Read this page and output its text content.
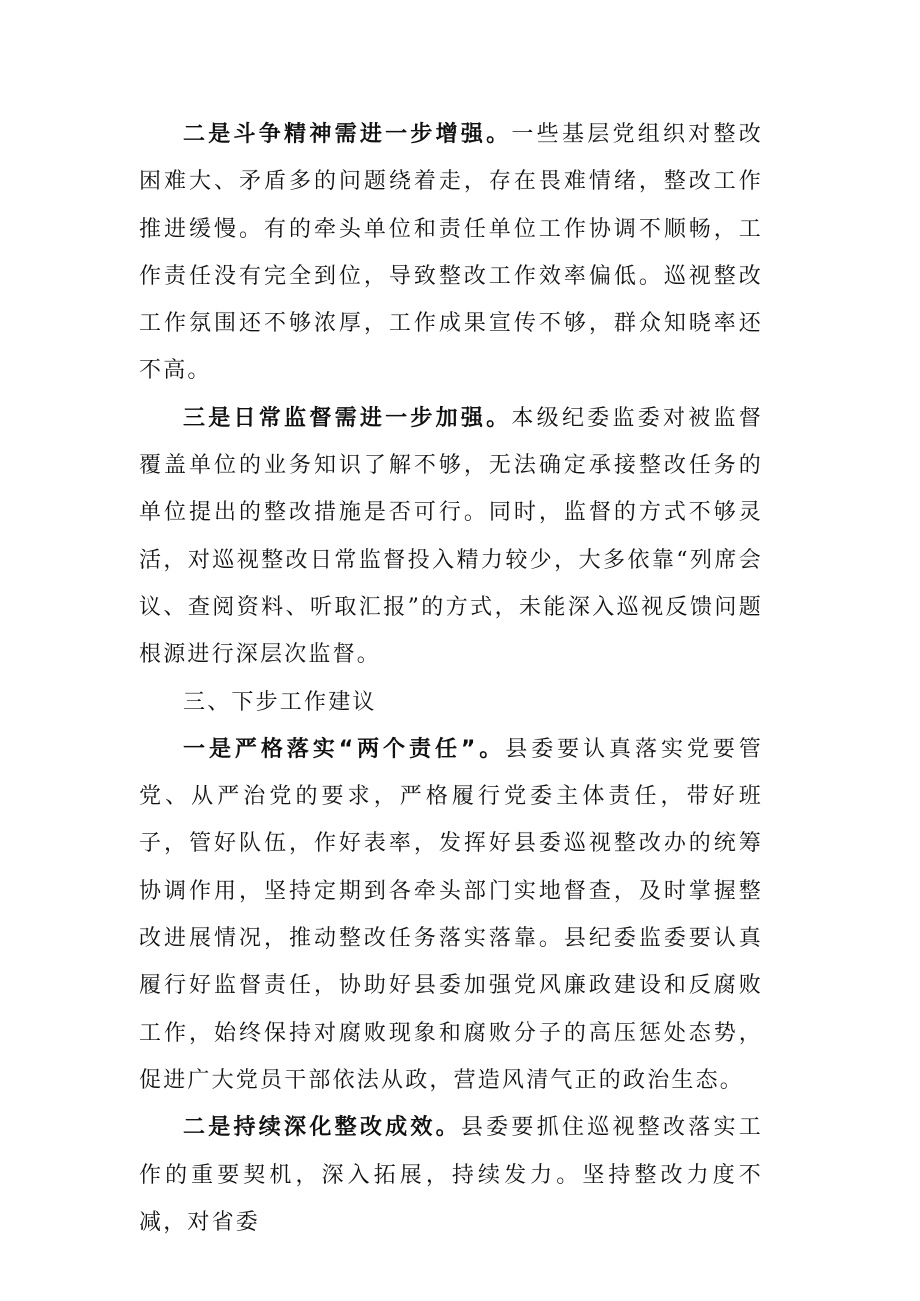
二是斗争精神需进一步增强。一些基层党组织对整改困难大、矛盾多的问题绕着走，存在畏难情绪，整改工作推进缓慢。有的牵头单位和责任单位工作协调不顺畅，工作责任没有完全到位，导致整改工作效率偏低。巡视整改工作氛围还不够浓厚，工作成果宣传不够，群众知晓率还不高。

三是日常监督需进一步加强。本级纪委监委对被监督覆盖单位的业务知识了解不够，无法确定承接整改任务的单位提出的整改措施是否可行。同时，监督的方式不够灵活，对巡视整改日常监督投入精力较少，大多依靠“列席会议、查阅资料、听取汇报”的方式，未能深入巡视反馈问题根源进行深层次监督。

三、下步工作建议

一是严格落实“两个责任”。县委要认真落实党要管党、从严治党的要求，严格履行党委主体责任，带好班子，管好队伍，作好表率，发挥好县委巡视整改办的统筹协调作用，坚持定期到各牵头部门实地督查，及时掌握整改进展情况，推动整改任务落实落靠。县纪委监委要认真履行好监督责任，协助好县委加强党风廉政建设和反腐败工作，始终保持对腐败现象和腐败分子的高压惩处态势，促进广大党员干部依法从政，营造风清气正的政治生态。

二是持续深化整改成效。县委要抓住巡视整改落实工作的重要契机，深入拓展，持续发力。坚持整改力度不减，对省委
